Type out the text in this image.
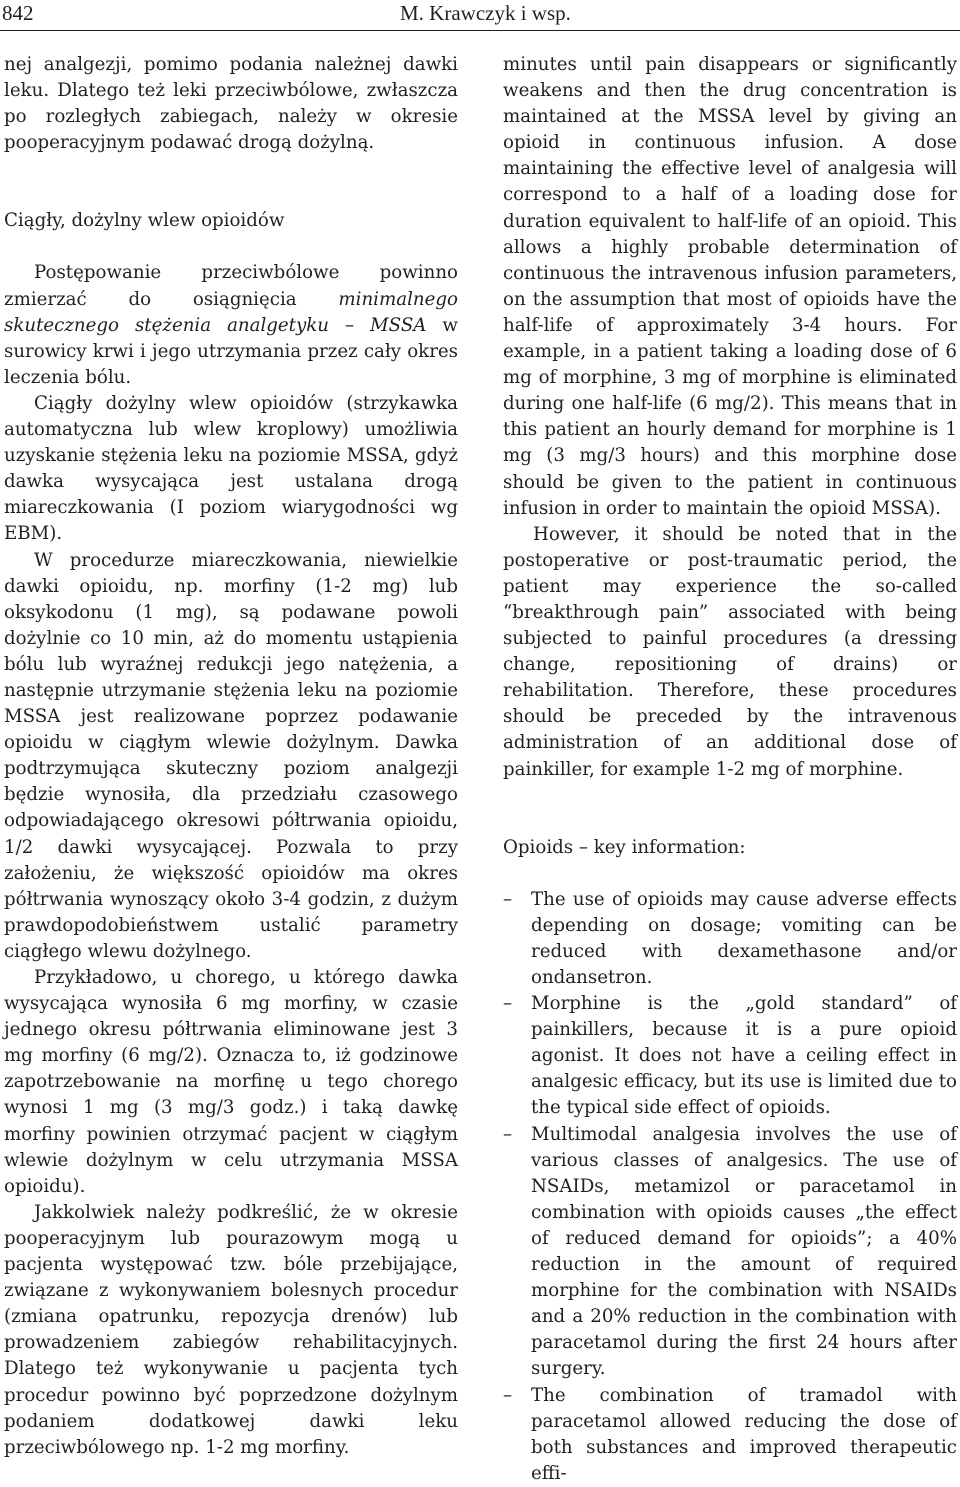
842	M. Krawczyk i wsp.

nej analgezji, pomimo podania należnej dawki leku. Dlatego też leki przeciwbólowe, zwłaszcza po rozległych zabiegach, należy w okresie pooperacyjnym podawać drogą dożylną.

Ciągły, dożylny wlew opioidów

Postępowanie przeciwbólowe powinno zmierzać do osiągnięcia minimalnego skutecznego stężenia analgetyku – MSSA w surowicy krwi i jego utrzymania przez cały okres leczenia bólu.

Ciągły dożylny wlew opioidów (strzykawka automatyczna lub wlew kroplowy) umożliwia uzyskanie stężenia leku na poziomie MSSA, gdyż dawka wysycająca jest ustalana drogą miareczkowania (I poziom wiarygodności wg EBM).

W procedurze miareczkowania, niewielkie dawki opioidu, np. morfiny (1-2 mg) lub oksykodonu (1 mg), są podawane powoli dożylnie co 10 min, aż do momentu ustąpienia bólu lub wyraźnej redukcji jego natężenia, a następnie utrzymanie stężenia leku na poziomie MSSA jest realizowane poprzez podawanie opioidu w ciągłym wlewie dożylnym. Dawka podtrzymująca skuteczny poziom analgezji będzie wynosiła, dla przedziału czasowego odpowiadającego okresowi półtrwania opioidu, 1/2 dawki wysycającej. Pozwala to przy założeniu, że większość opioidów ma okres półtrwania wynoszący około 3-4 godzin, z dużym prawdopodobieństwem ustalić parametry ciągłego wlewu dożylnego.

Przykładowo, u chorego, u którego dawka wysycająca wynosiła 6 mg morfiny, w czasie jednego okresu półtrwania eliminowane jest 3 mg morfiny (6 mg/2). Oznacza to, iż godzinowe zapotrzebowanie na morfinę u tego chorego wynosi 1 mg (3 mg/3 godz.) i taką dawkę morfiny powinien otrzymać pacjent w ciągłym wlewie dożylnym w celu utrzymania MSSA opioidu).

Jakkolwiek należy podkreślić, że w okresie pooperacyjnym lub pourazowym mogą u pacjenta występować tzw. bóle przebijające, związane z wykonywaniem bolesnych procedur (zmiana opatrunku, repozycja drenów) lub prowadzeniem zabiegów rehabilitacyjnych. Dlatego też wykonywanie u pacjenta tych procedur powinno być poprzedzone dożylnym podaniem dodatkowej dawki leku przeciwbólowego np. 1-2 mg morfiny.

minutes until pain disappears or significantly weakens and then the drug concentration is maintained at the MSSA level by giving an opioid in continuous infusion. A dose maintaining the effective level of analgesia will correspond to a half of a loading dose for duration equivalent to half-life of an opioid. This allows a highly probable determination of continuous the intravenous infusion parameters, on the assumption that most of opioids have the half-life of approximately 3-4 hours. For example, in a patient taking a loading dose of 6 mg of morphine, 3 mg of morphine is eliminated during one half-life (6 mg/2). This means that in this patient an hourly demand for morphine is 1 mg (3 mg/3 hours) and this morphine dose should be given to the patient in continuous infusion in order to maintain the opioid MSSA).

However, it should be noted that in the postoperative or post-traumatic period, the patient may experience the so-called “breakthrough pain” associated with being subjected to painful procedures (a dressing change, repositioning of drains) or rehabilitation. Therefore, these procedures should be preceded by the intravenous administration of an additional dose of painkiller, for example 1-2 mg of morphine.

Opioids – key information:

– The use of opioids may cause adverse effects depending on dosage; vomiting can be reduced with dexamethasone and/or ondansetron.
– Morphine is the „gold standard” of painkillers, because it is a pure opioid agonist. It does not have a ceiling effect in analgesic efficacy, but its use is limited due to the typical side effect of opioids.
– Multimodal analgesia involves the use of various classes of analgesics. The use of NSAIDs, metamizol or paracetamol in combination with opioids causes „the effect of reduced demand for opioids”; a 40% reduction in the amount of required morphine for the combination with NSAIDs and a 20% reduction in the combination with paracetamol during the first 24 hours after surgery.
– The combination of tramadol with paracetamol allowed reducing the dose of both substances and improved therapeutic effi-
